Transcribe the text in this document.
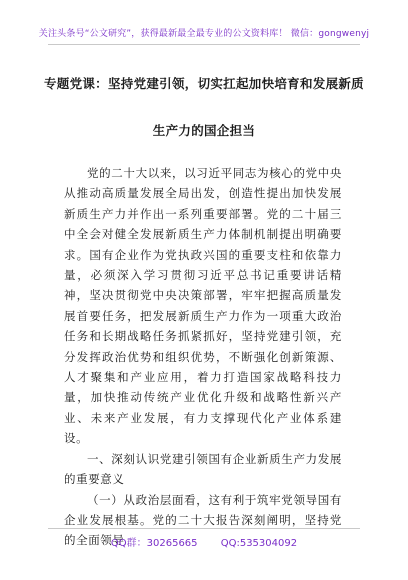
关注头条号“公文研究”，获得最新最全最专业的公文资料库！ 微信：gongwenyj
专题党课：坚持党建引领，切实扛起加快培育和发展新质
生产力的国企担当

党的二十大以来，以习近平同志为核心的党中央从推动高质量发展全局出发，创造性提出加快发展新质生产力并作出一系列重要部署。党的二十届三中全会对健全发展新质生产力体制机制提出明确要求。国有企业作为党执政兴国的重要支柱和依靠力量，必须深入学习贯彻习近平总书记重要讲话精神，坚决贯彻党中央决策部署，牢牢把握高质量发展首要任务，把发展新质生产力作为一项重大政治任务和长期战略任务抓紧抓好，坚持党建引领，充分发挥政治优势和组织优势，不断强化创新策源、人才聚集和产业应用，着力打造国家战略科技力量，加快推动传统产业优化升级和战略性新兴产业、未来产业发展，有力支撑现代化产业体系建设。

一、深刻认识党建引领国有企业新质生产力发展的重要意义

（一）从政治层面看，这有利于筑牢党领导国有企业发展根基。党的二十大报告深刻阐明，坚持党的全面领导

QQ群：30265665 QQ:535304092
